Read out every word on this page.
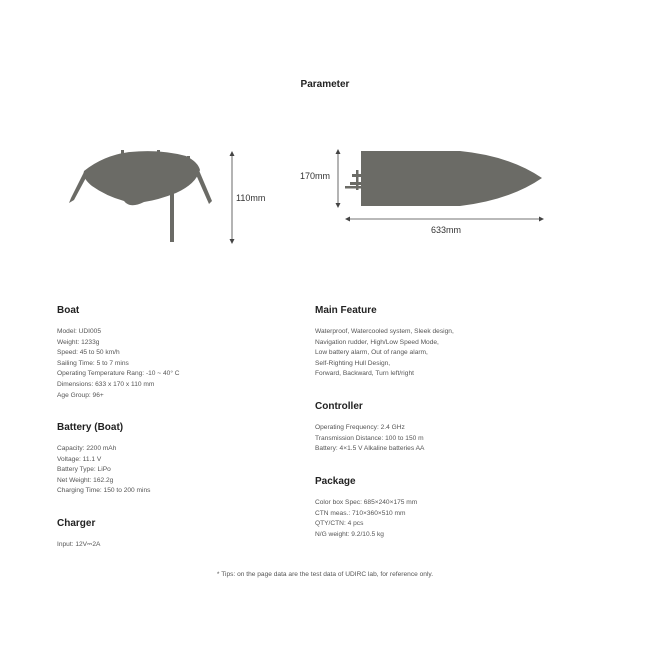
Parameter
110mm
170mm
633mm
Boat
Model: UDI005
Weight: 1233g
Speed: 45 to 50 km/h
Sailing Time: 5 to 7 mins
Operating Temperature Rang: -10 ~ 40° C
Dimensions: 633 x 170 x 110 mm
Age Group: 96+
Battery (Boat)
Capacity: 2200 mAh
Voltage: 11.1 V
Battery Type: LiPo
Net Weight: 162.2g
Charging Time: 150 to 200 mins
Charger
Input: 12V⎓2A
Main Feature
Waterproof, Watercooled system, Sleek design,
Navigation rudder, High/Low Speed Mode,
Low battery alarm, Out of range alarm,
Self-Righting Hull Design,
Forward, Backward, Turn left/right
Controller
Operating Frequency: 2.4 GHz
Transmission Distance: 100 to 150 m
Battery: 4×1.5 V Alkaline batteries AA
Package
Color box Spec: 685×240×175 mm
CTN meas.: 710×360×510 mm
QTY/CTN: 4 pcs
N/G weight: 9.2/10.5 kg
* Tips: on the page data are the test data of UDIRC lab, for reference only.
